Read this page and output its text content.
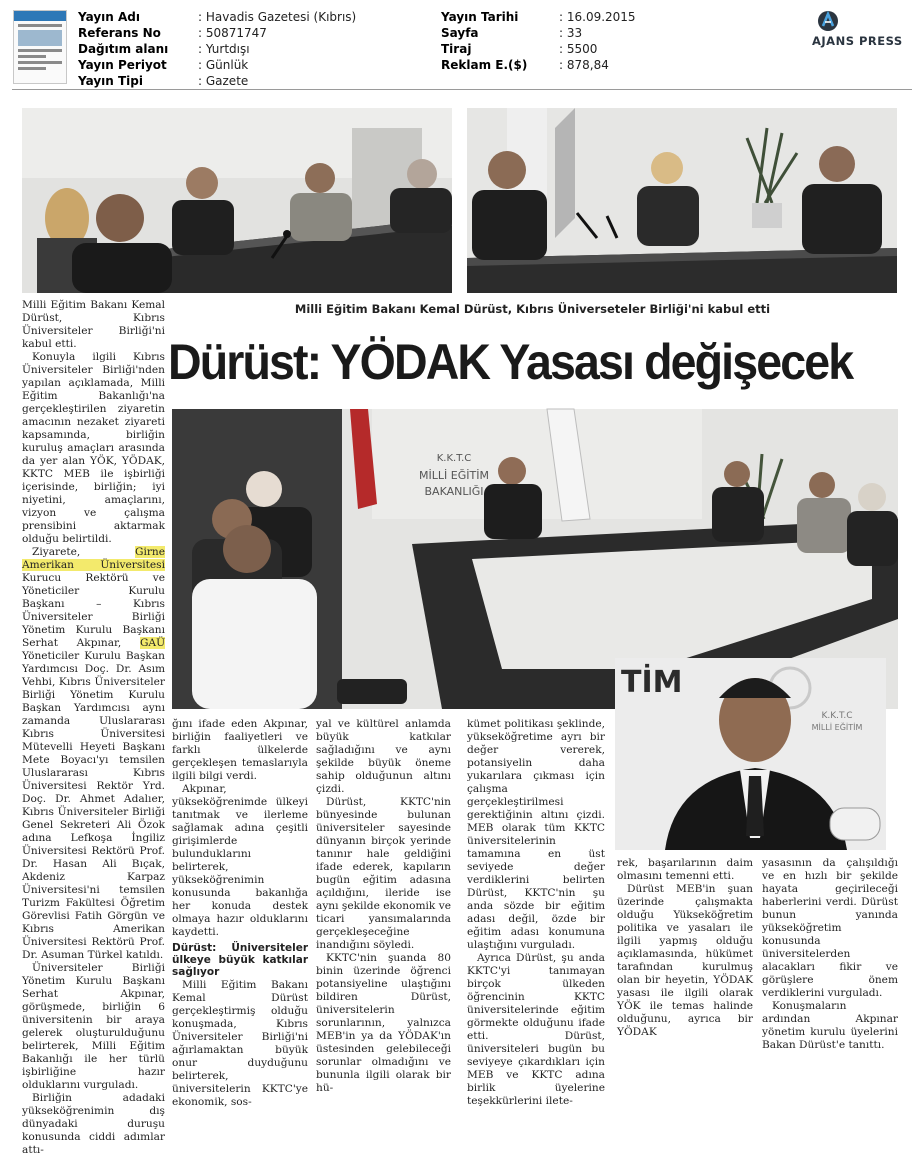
Yayın Adı	: Havadis Gazetesi (Kıbrıs)
Referans No	: 50871747
Dağıtım alanı	: Yurtdışı
Yayın Periyot	: Günlük
Yayın Tipi	: Gazete
Yayın Tarihi	: 16.09.2015
Sayfa	: 33
Tiraj	: 5500
Reklam E.($)	: 878,84
AJANS PRESS
Milli Eğitim Bakanı Kemal Dürüst, Kıbrıs Üniverseteler Birliği'ni kabul etti
Dürüst: YÖDAK Yasası değişecek
K.K.T.C
MİLLİ EĞİTİM
BAKANLIĞI
TİM
K.K.T.C
MİLLİ EĞİTİM

Milli Eğitim Bakanı Kemal Dürüst, Kıbrıs Üniversiteler Birliği'ni kabul etti.

Konuyla ilgili Kıbrıs Üniversiteler Birliği'nden yapılan açıklamada, Milli Eğitim Bakanlığı'na gerçekleştirilen ziyaretin amacının nezaket ziyareti kapsamında, birliğin kuruluş amaçları arasında da yer alan YÖK, YÖDAK, KKTC MEB ile işbirliği içerisinde, birliğin; iyi niyetini, amaçlarını, vizyon ve çalışma prensibini aktarmak olduğu belirtildi.

Ziyarete, Girne Amerikan Üniversitesi Kurucu Rektörü ve Yöneticiler Kurulu Başkanı – Kıbrıs Üniversiteler Birliği Yönetim Kurulu Başkanı Serhat Akpınar, GAÜ Yöneticiler Kurulu Başkan Yardımcısı Doç. Dr. Asım Vehbi, Kıbrıs Üniversiteler Birliği Yönetim Kurulu Başkan Yardımcısı aynı zamanda Uluslararası Kıbrıs Üniversitesi Mütevelli Heyeti Başkanı Mete Boyacı'yı temsilen Uluslararası Kıbrıs Üniversitesi Rektör Yrd. Doç. Dr. Ahmet Adalıer, Kıbrıs Üniversiteler Birliği Genel Sekreteri Ali Özok adına Lefkoşa İngiliz Üniversitesi Rektörü Prof. Dr. Hasan Ali Bıçak, Akdeniz Karpaz Üniversitesi'ni temsilen Turizm Fakültesi Öğretim Görevlisi Fatih Görgün ve Kıbrıs Amerikan Üniversitesi Rektörü Prof. Dr. Asuman Türkel katıldı.

Üniversiteler Birliği Yönetim Kurulu Başkanı Serhat Akpınar, görüşmede, birliğin 6 üniversitenin bir araya gelerek oluşturulduğunu belirterek, Milli Eğitim Bakanlığı ile her türlü işbirliğine hazır olduklarını vurguladı.

Birliğin adadaki yükseköğrenimin dış dünyadaki duruşu konusunda ciddi adımlar attı-

ğını ifade eden Akpınar, birliğin faaliyetleri ve farklı ülkelerde gerçekleşen temaslarıyla ilgili bilgi verdi.

Akpınar, yükseköğrenimde ülkeyi tanıtmak ve ilerleme sağlamak adına çeşitli girişimlerde bulunduklarını belirterek, yükseköğrenimin konusunda bakanlığa her konuda destek olmaya hazır olduklarını kaydetti.

Dürüst: Üniversiteler ülkeye büyük katkılar sağlıyor

Milli Eğitim Bakanı Kemal Dürüst gerçekleştirmiş olduğu konuşmada, Kıbrıs Üniversiteler Birliği'ni ağırlamaktan büyük onur duyduğunu belirterek, üniversitelerin KKTC'ye ekonomik, sos-

yal ve kültürel anlamda büyük katkılar sağladığını ve aynı şekilde büyük öneme sahip olduğunun altını çizdi.

Dürüst, KKTC'nin bünyesinde bulunan üniversiteler sayesinde dünyanın birçok yerinde tanınır hale geldiğini ifade ederek, kapıların bugün eğitim adasına açıldığını, ileride ise aynı şekilde ekonomik ve ticari yansımalarında gerçekleşeceğine inandığını söyledi.

KKTC'nin şuanda 80 binin üzerinde öğrenci potansiyeline ulaştığını bildiren Dürüst, üniversitelerin sorunlarının, yalnızca MEB'in ya da YÖDAK'ın üstesinden gelebileceği sorunlar olmadığını ve bununla ilgili olarak bir hü-

kümet politikası şeklinde, yükseköğretime ayrı bir değer vererek, potansiyelin daha yukarılara çıkması için çalışma gerçekleştirilmesi gerektiğinin altını çizdi. MEB olarak tüm KKTC üniversitelerinin tamamına en üst seviyede değer verdiklerini belirten Dürüst, KKTC'nin şu anda sözde bir eğitim adası değil, özde bir eğitim adası konumuna ulaştığını vurguladı.

Ayrıca Dürüst, şu anda KKTC'yi tanımayan birçok ülkeden öğrencinin KKTC üniversitelerinde eğitim görmekte olduğunu ifade etti. Dürüst, üniversiteleri bugün bu seviyeye çıkardıkları için MEB ve KKTC adına birlik üyelerine teşekkürlerini ilete-

rek, başarılarının daim olmasını temenni etti.

Dürüst MEB'in şuan üzerinde çalışmakta olduğu Yükseköğretim politika ve yasaları ile ilgili yapmış olduğu açıklamasında, hükümet tarafından kurulmuş olan bir heyetin, YÖDAK yasası ile ilgili olarak YÖK ile temas halinde olduğunu, ayrıca bir YÖDAK

yasasının da çalışıldığı ve en hızlı bir şekilde hayata geçirileceği haberlerini verdi. Dürüst bunun yanında yükseköğretim konusunda üniversitelerden alacakları fikir ve görüşlere önem verdiklerini vurguladı.

Konuşmaların ardından Akpınar yönetim kurulu üyelerini Bakan Dürüst'e tanıttı.
